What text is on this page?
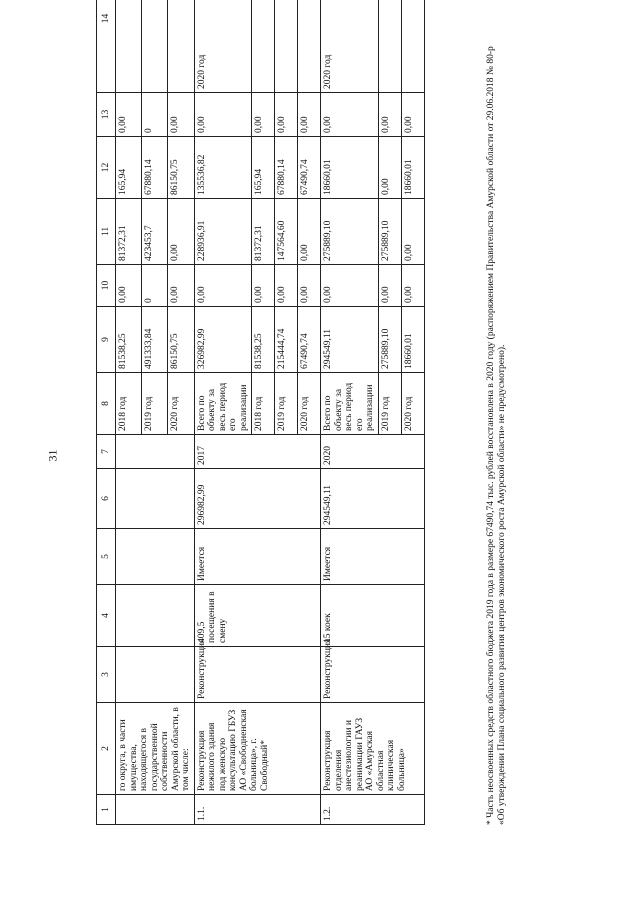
31
1	2	3	4	5	6	7	8	9	10	11	12	13	14
	го округа, в части имущества, находящегося в государственной собственности Амурской области, в том числе:						2018 год	81538,25	0,00	81372,31	165,94	0,00	
							2019 год	491333,84	0	423453,7	67880,14	0	
							2020 год	86150,75	0,00	0,00	86150,75	0,00	
1.1.	Реконструкция нежилого здания под женскую консультацию ГБУЗ АО «Свободненская больница», г. Свободный*	Реконструкция	409,5 посещения в смену	Имеется	296982,99	2017	Всего по объекту за весь период его реализации	326982,99	0,00	228936,91	135536,82	0,00	2020 год
							2018 год	81538,25	0,00	81372,31	165,94	0,00	
							2019 год	215444,74	0,00	147564,60	67880,14	0,00	
							2020 год	67490,74	0,00	0,00	67490,74	0,00	
1.2.	Реконструкция отделения анестезиологии и реанимации ГАУЗ АО «Амурская областная клиническая больница»	Реконструкция	15 коек	Имеется	294549,11	2020	Всего по объекту за весь период его реализации	294549,11	0,00	275889,10	18660,01	0,00	2020 год
							2019 год	275889,10	0,00	275889,10	0,00	0,00	
							2020 год	18660,01	0,00	0,00	18660,01	0,00		* Часть неосвоенных средств областного бюджета 2019 года в размере 67490,74 тыс. рублей восстановлена в 2020 году (распоряжением Правительства Амурской области от 29.06.2018 № 80-р «Об утверждении Плана социального развития центров экономического роста Амурской области» не предусмотрено).
